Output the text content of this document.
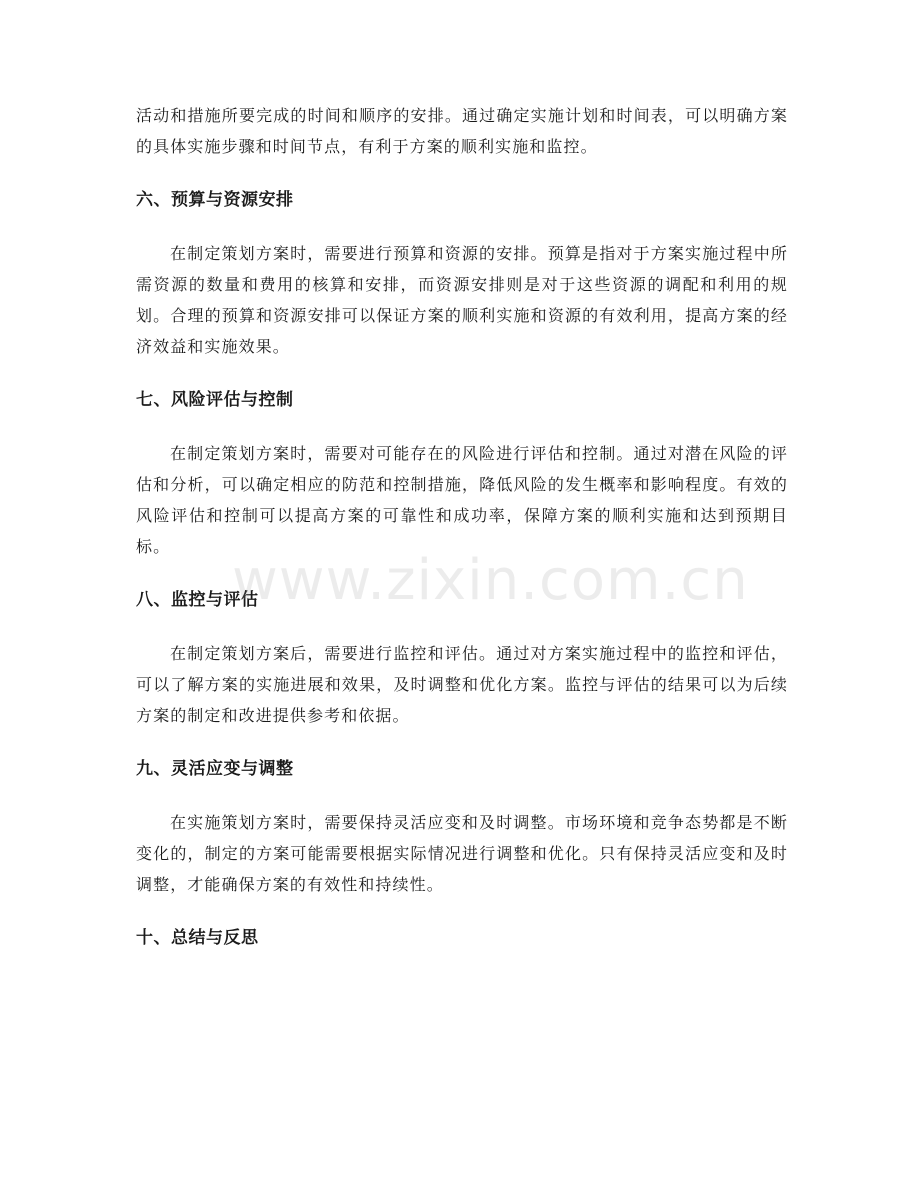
活动和措施所要完成的时间和顺序的安排。通过确定实施计划和时间表，可以明确方案的具体实施步骤和时间节点，有利于方案的顺利实施和监控。

六、预算与资源安排

在制定策划方案时，需要进行预算和资源的安排。预算是指对于方案实施过程中所需资源的数量和费用的核算和安排，而资源安排则是对于这些资源的调配和利用的规划。合理的预算和资源安排可以保证方案的顺利实施和资源的有效利用，提高方案的经济效益和实施效果。

七、风险评估与控制

在制定策划方案时，需要对可能存在的风险进行评估和控制。通过对潜在风险的评估和分析，可以确定相应的防范和控制措施，降低风险的发生概率和影响程度。有效的风险评估和控制可以提高方案的可靠性和成功率，保障方案的顺利实施和达到预期目标。

八、监控与评估

在制定策划方案后，需要进行监控和评估。通过对方案实施过程中的监控和评估，可以了解方案的实施进展和效果，及时调整和优化方案。监控与评估的结果可以为后续方案的制定和改进提供参考和依据。

九、灵活应变与调整

在实施策划方案时，需要保持灵活应变和及时调整。市场环境和竞争态势都是不断变化的，制定的方案可能需要根据实际情况进行调整和优化。只有保持灵活应变和及时调整，才能确保方案的有效性和持续性。

十、总结与反思
www.zixin.com.cn
